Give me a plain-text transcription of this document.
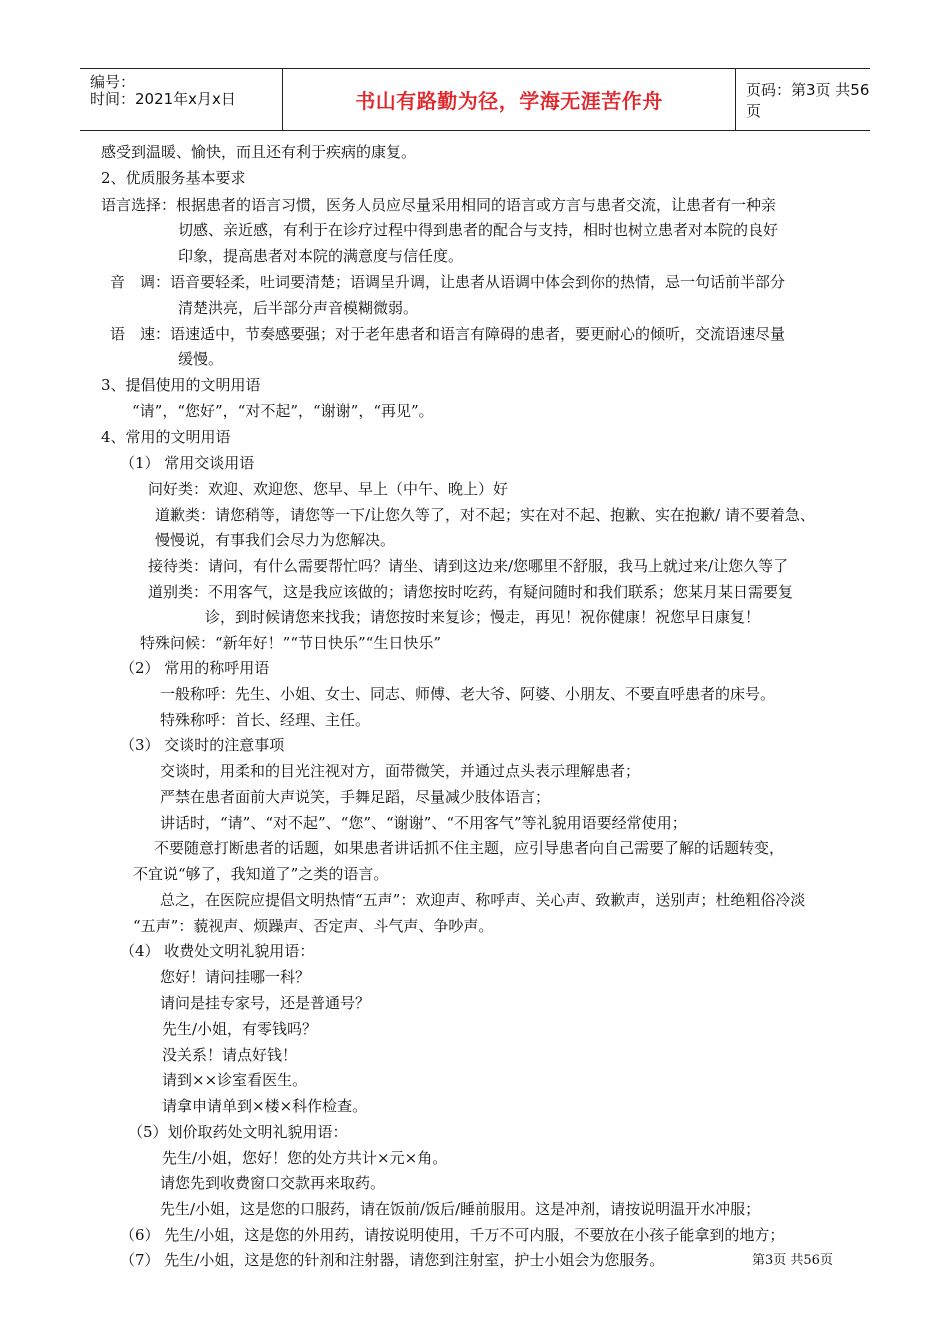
编号：
时间：2021年x月x日	书山有路勤为径，学海无涯苦作舟	页码：第3页 共56页
感受到温暖、愉快，而且还有利于疾病的康复。
2、优质服务基本要求
语言选择：根据患者的语言习惯，医务人员应尽量采用相同的语言或方言与患者交流，让患者有一种亲
切感、亲近感，有利于在诊疗过程中得到患者的配合与支持，相时也树立患者对本院的良好
印象，提高患者对本院的满意度与信任度。
音　调：语音要轻柔，吐词要清楚；语调呈升调，让患者从语调中体会到你的热情，忌一句话前半部分
清楚洪亮，后半部分声音模糊微弱。
语　速：语速适中，节奏感要强；对于老年患者和语言有障碍的患者，要更耐心的倾听，交流语速尽量
缓慢。
3、提倡使用的文明用语
“请”，“您好”，“对不起”，“谢谢”，“再见”。
4、常用的文明用语
（1） 常用交谈用语
问好类：欢迎、欢迎您、您早、早上（中午、晚上）好
道歉类：请您稍等，请您等一下/让您久等了，对不起；实在对不起、抱歉、实在抱歉/ 请不要着急、
慢慢说，有事我们会尽力为您解决。
接待类：请问，有什么需要帮忙吗？请坐、请到这边来/您哪里不舒服，我马上就过来/让您久等了
道别类：不用客气，这是我应该做的；请您按时吃药，有疑问随时和我们联系；您某月某日需要复
诊，到时候请您来找我；请您按时来复诊；慢走，再见！祝你健康！祝您早日康复！
特殊问候：“新年好！”“节日快乐”“生日快乐”
（2） 常用的称呼用语
一般称呼：先生、小姐、女士、同志、师傅、老大爷、阿婆、小朋友、不要直呼患者的床号。
特殊称呼：首长、经理、主任。
（3） 交谈时的注意事项
交谈时，用柔和的目光注视对方，面带微笑，并通过点头表示理解患者；
严禁在患者面前大声说笑，手舞足蹈，尽量减少肢体语言；
讲话时，“请”、“对不起”、“您”、“谢谢”、“不用客气”等礼貌用语要经常使用；
不要随意打断患者的话题，如果患者讲话抓不住主题，应引导患者向自己需要了解的话题转变，
不宜说“够了，我知道了”之类的语言。
总之，在医院应提倡文明热情“五声”：欢迎声、称呼声、关心声、致歉声，送别声；杜绝粗俗冷淡
“五声”：藐视声、烦躁声、否定声、斗气声、争吵声。
（4） 收费处文明礼貌用语：
您好！请问挂哪一科？
请问是挂专家号，还是普通号？
先生/小姐，有零钱吗？
没关系！请点好钱！
请到××诊室看医生。
请拿申请单到×楼×科作检查。
（5）划价取药处文明礼貌用语：
先生/小姐，您好！您的处方共计×元×角。
请您先到收费窗口交款再来取药。
先生/小姐，这是您的口服药，请在饭前/饭后/睡前服用。这是冲剂，请按说明温开水冲服；
（6） 先生/小姐，这是您的外用药，请按说明使用，千万不可内服，不要放在小孩子能拿到的地方；
（7） 先生/小姐，这是您的针剂和注射器，请您到注射室，护士小姐会为您服务。	第3页 共56页
